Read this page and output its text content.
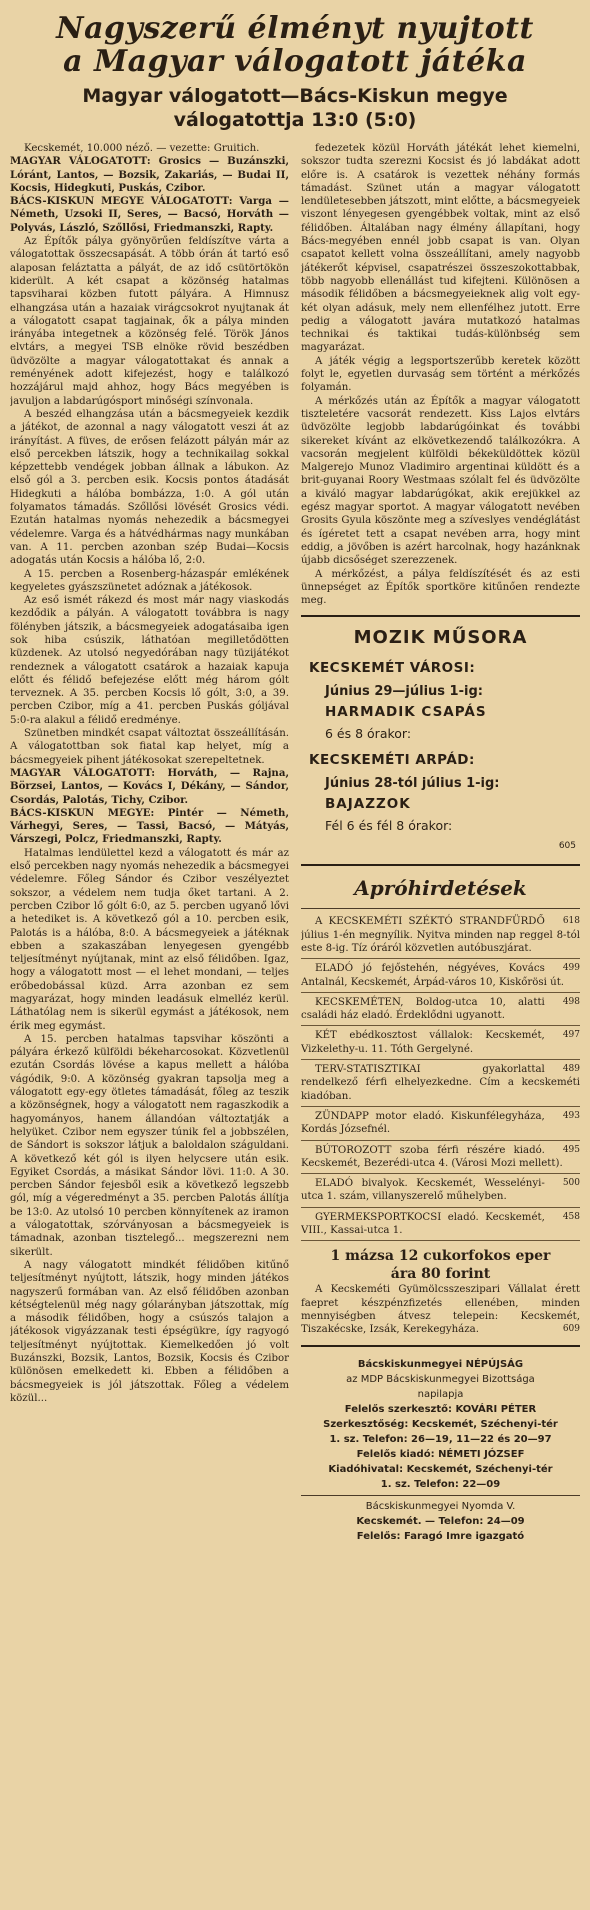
Nagyszerű élményt nyujtott
a Magyar válogatott játéka
Magyar válogatott—Bács-Kiskun megye
válogatottja 13:0 (5:0)

Kecskemét, 10.000 néző. — vezette: Gruitich.

MAGYAR VÁLOGATOTT: Grosics — Buzánszki, Lóránt, Lantos, — Bozsik, Zakariás, — Budai II, Kocsis, Hidegkuti, Puskás, Czibor.

BÁCS-KISKUN MEGYE VÁLOGATOTT: Varga — Németh, Uzsoki II, Seres, — Bacsó, Horváth — Polyvás, László, Szőllősi, Friedmanszki, Rapty.

Az Építők pálya gyönyörűen feldíszítve várta a válogatottak összecsapását. A több órán át tartó eső alaposan feláztatta a pályát, de az idő csütörtökön kiderült. A két csapat a közönség hatalmas tapsviharai közben futott pályára. A Himnusz elhangzása után a hazaiak virágcsokrot nyujtanak át a válogatott csapat tagjainak, ők a pálya minden irányába integetnek a közönség felé. Török János elvtárs, a megyei TSB elnöke rövid beszédben üdvözölte a magyar válogatottakat és annak a reményének adott kifejezést, hogy e találkozó hozzájárul majd ahhoz, hogy Bács megyében is javuljon a labdarúgósport minőségi színvonala.

A beszéd elhangzása után a bácsmegyeiek kezdik a játékot, de azonnal a nagy válogatott veszi át az irányítást. A füves, de erősen felázott pályán már az első percekben látszik, hogy a technikailag sokkal képzettebb vendégek jobban állnak a lábukon. Az első gól a 3. percben esik. Kocsis pontos átadását Hidegkuti a hálóba bombázza, 1:0. A gól után folyamatos támadás. Szőllősi lövését Grosics védi. Ezután hatalmas nyomás nehezedik a bácsmegyei védelemre. Varga és a hátvédhármas nagy munkában van. A 11. percben azonban szép Budai—Kocsis adogatás után Kocsis a hálóba lő, 2:0.

A 15. percben a Rosenberg-házaspár emlékének kegyeletes gyászszünetet adóznak a játékosok.

Az eső ismét rákezd és most már nagy viaskodás kezdődik a pályán. A válogatott továbbra is nagy fölényben játszik, a bácsmegyeiek adogatásaiba igen sok hiba csúszik, láthatóan megilletődötten küzdenek. Az utolsó negyedórában nagy tüzijátékot rendeznek a válogatott csatárok a hazaiak kapuja előtt és félidő befejezése előtt még három gólt terveznek. A 35. percben Kocsis lő gólt, 3:0, a 39. percben Czibor, míg a 41. percben Puskás góljával 5:0-ra alakul a félidő eredménye.

Szünetben mindkét csapat változtat összeállításán. A válogatottban sok fiatal kap helyet, míg a bácsmegyeiek pihent játékosokat szerepeltetnek.

MAGYAR VÁLOGATOTT: Horváth, — Rajna, Börzsei, Lantos, — Kovács I, Dékány, — Sándor, Csordás, Palotás, Tichy, Czibor.

BÁCS-KISKUN MEGYE: Pintér — Németh, Várhegyi, Seres, — Tassi, Bacsó, — Mátyás, Várszegi, Polcz, Friedmanszki, Rapty.

Hatalmas lendülettel kezd a válogatott és már az első percekben nagy nyomás nehezedik a bácsmegyei védelemre. Főleg Sándor és Czibor veszélyeztet sokszor, a védelem nem tudja őket tartani. A 2. percben Czibor lő gólt 6:0, az 5. percben ugyanő lővi a hetediket is. A következő gól a 10. percben esik, Palotás is a hálóba, 8:0. A bácsmegyeiek a játéknak ebben a szakaszában lenyegesen gyengébb teljesítményt nyújtanak, mint az első félidőben. Igaz, hogy a válogatott most — el lehet mondani, — teljes erőbedobással küzd. Arra azonban ez sem magyarázat, hogy minden leadásuk elmelléz kerül. Láthatólag nem is sikerül egymást a játékosok, nem érik meg egymást.

A 15. percben hatalmas tapsvihar köszönti a pályára érkező külföldi békeharcosokat. Közvetlenül ezután Csordás lövése a kapus mellett a hálóba vágódik, 9:0. A közönség gyakran tapsolja meg a válogatott egy-egy ötletes támadását, főleg az teszik a közönségnek, hogy a válogatott nem ragaszkodik a hagyományos, hanem állandóan változtatják a helyüket. Czibor nem egyszer túnik fel a jobbszélen, de Sándort is sokszor látjuk a baloldalon száguldani. A következő két gól is ilyen helycsere után esik. Egyiket Csordás, a másikat Sándor lövi. 11:0. A 30. percben Sándor fejesből esik a következő legszebb gól, míg a végeredményt a 35. percben Palotás állítja be 13:0. Az utolsó 10 percben könnyítenek az iramon a válogatottak, szórványosan a bácsmegyeiek is támadnak, azonban tisztelegő... megszerezni nem sikerült.

A nagy válogatott mindkét félidőben kitűnő teljesítményt nyújtott, látszik, hogy minden játékos nagyszerű formában van. Az első félidőben azonban kétségtelenül még nagy gólarányban játszottak, míg a második félidőben, hogy a csúszós talajon a játékosok vigyázzanak testi épségükre, így ragyogó teljesítményt nyújtottak. Kiemelkedően jó volt Buzánszki, Bozsik, Lantos, Bozsik, Kocsis és Czibor különösen emelkedett ki. Ebben a félidőben a bácsmegyeiek is jól játszottak. Főleg a védelem közül...

fedezetek közül Horváth játékát lehet kiemelni, sokszor tudta szerezni Kocsist és jó labdákat adott előre is. A csatárok is vezettek néhány formás támadást. Szünet után a magyar válogatott lendületesebben játszott, mint előtte, a bácsmegyeiek viszont lényegesen gyengébbek voltak, mint az első félidőben. Általában nagy élmény állapítani, hogy Bács-megyében ennél jobb csapat is van. Olyan csapatot kellett volna összeállítani, amely nagyobb játékerőt képvisel, csapatrészei összeszokottabbak, több nagyobb ellenállást tud kifejteni. Különösen a második félidőben a bácsmegyeieknek alig volt egy-két olyan adásuk, mely nem ellenfélhez jutott. Erre pedig a válogatott javára mutatkozó hatalmas technikai és taktikai tudás-különbség sem magyarázat.

A játék végig a legsportszerűbb keretek között folyt le, egyetlen durvaság sem történt a mérkőzés folyamán.

A mérkőzés után az Építők a magyar válogatott tiszteletére vacsorát rendezett. Kiss Lajos elvtárs üdvözölte legjobb labdarúgóinkat és további sikereket kívánt az elkövetkezendő találkozókra. A vacsorán megjelent külföldi békeküldöttek közül Malgerejo Munoz Vladimiro argentinai küldött és a brit-guyanai Roory Westmaas szólalt fel és üdvözölte a kiváló magyar labdarúgókat, akik erejükkel az egész magyar sportot. A magyar válogatott nevében Grosits Gyula köszönte meg a szíveslyes vendéglátást és ígéretet tett a csapat nevében arra, hogy mint eddig, a jövőben is azért harcolnak, hogy hazánknak újabb dicsőséget szerezzenek.

A mérkőzést, a pálya feldíszítését és az esti ünnepséget az Építők sportköre kitűnően rendezte meg.

MOZIK MŰSORA
KECSKEMÉT VÁROSI:
Június 29—július 1-ig:
HARMADIK CSAPÁS
6 és 8 órakor:
KECSKEMÉTI ARPÁD:
Június 28-tól július 1-ig:
BAJAZZOK
Fél 6 és fél 8 órakor:
605
Apróhirdetések

618
A KECSKEMÉTI SZÉKTÓ STRANDFÜRDŐ július 1-én megnyílik. Nyitva minden nap reggel 8-tól este 8-ig. Tíz óráról közvetlen autóbuszjárat.

499
ELADÓ jó fejőstehén, négyéves, Kovács Antalnál, Kecskemét, Árpád-város 10, Kiskőrösi út.

498
KECSKEMÉTEN, Boldog-utca 10, alatti családi ház eladó. Érdeklődni ugyanott.

497
KÉT ebédkosztost vállalok: Kecskemét, Vizkelethy-u. 11. Tóth Gergelyné.

489
TERV-STATISZTIKAI gyakorlattal rendelkező férfi elhelyezkedne. Cím a kecskeméti kiadóban.

493
ZÜNDAPP motor eladó. Kiskunfélegyháza, Kordás Józsefnél.

495
BÚTOROZOTT szoba férfi részére kiadó. Kecskemét, Bezerédi-utca 4. (Városi Mozi mellett).

500
ELADÓ bivalyok. Kecskemét, Wesselényi-utca 1. szám, villanyszerelő műhelyben.

458
GYERMEKSPORTKOCSI eladó. Kecskemét, VIII., Kassai-utca 1.

1 mázsa 12 cukorfokos eper
ára 80 forint

A Kecskeméti Gyümölcsszeszipari Vállalat érett faepret készpénzfizetés ellenében, minden mennyiségben átvesz telepein: Kecskemét, Tiszakécske, Izsák, Kerekegyháza.	609

Bácskiskunmegyei NÉPÚJSÁG
az MDP Bácskiskunmegyei Bizottsága
napilapja
Felelős szerkesztő: KOVÁRI PÉTER
Szerkesztőség: Kecskemét, Széchenyi-tér
1. sz. Telefon: 26—19, 11—22 és 20—97
Felelős kiadó: NÉMETI JÓZSEF
Kiadóhivatal: Kecskemét, Széchenyi-tér
1. sz. Telefon: 22—09
Bácskiskunmegyei Nyomda V.
Kecskemét. — Telefon: 24—09
Felelős: Faragó Imre igazgató
